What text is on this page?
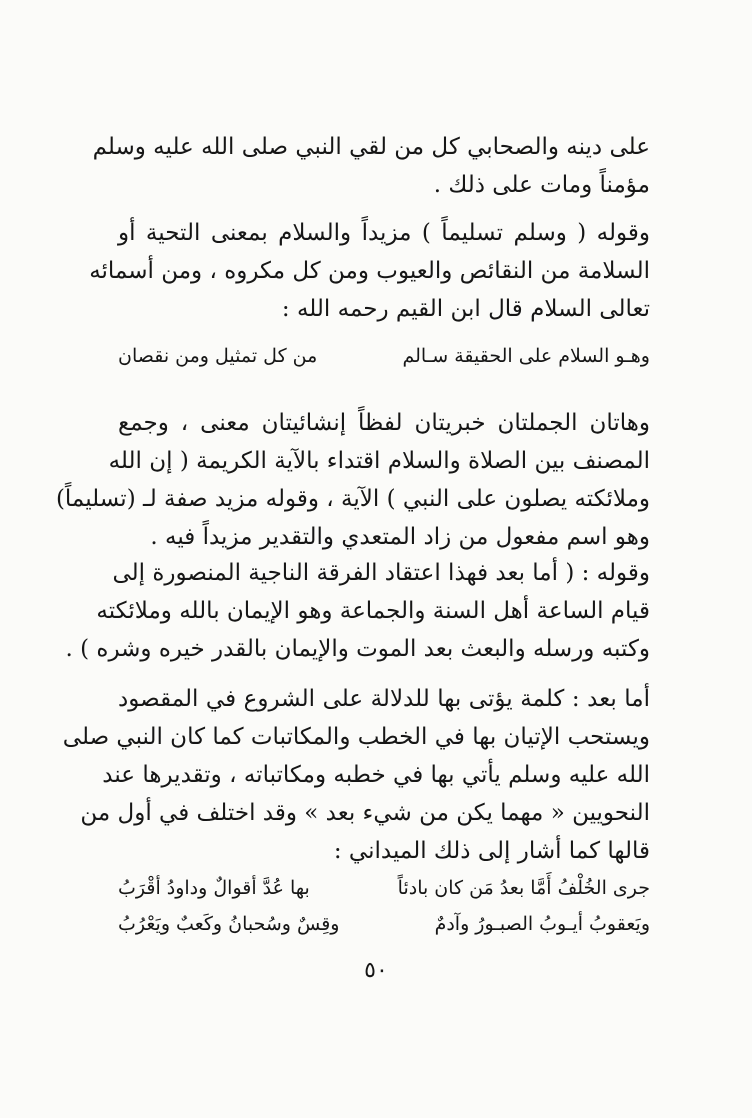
على دينه والصحابي كل من لقي النبي صلى الله عليه وسلم
مؤمناً ومات على ذلك .
وقوله ( وسلم تسليماً ) مزيداً والسلام بمعنى التحية أو
السلامة من النقائص والعيوب ومن كل مكروه ، ومن أسمائه
تعالى السلام قال ابن القيم رحمه الله :
وهـو السلام على الحقيقة سـالم
من كل تمثيل ومن نقصان
وهاتان الجملتان خبريتان لفظاً إنشائيتان معنى ، وجمع
المصنف بين الصلاة والسلام اقتداء بالآية الكريمة ( إن الله
وملائكته يصلون على النبي ) الآية ، وقوله مزيد صفة لـ (تسليماً)
وهو اسم مفعول من زاد المتعدي والتقدير مزيداً فيه .
وقوله : ( أما بعد فهذا اعتقاد الفرقة الناجية المنصورة إلى
قيام الساعة أهل السنة والجماعة وهو الإيمان بالله وملائكته
وكتبه ورسله والبعث بعد الموت والإيمان بالقدر خيره وشره ) .
أما بعد : كلمة يؤتى بها للدلالة على الشروع في المقصود
ويستحب الإتيان بها في الخطب والمكاتبات كما كان النبي صلى
الله عليه وسلم يأتي بها في خطبه ومكاتباته ، وتقديرها عند
النحويين « مهما يكن من شيء بعد » وقد اختلف في أول من
قالها كما أشار إلى ذلك الميداني :
جرى الخُلْفُ أَمَّا بعدُ مَن كان بادئاً
بها عُدَّ أقوالٌ وداودُ أقْرَبُ
ويَعقوبُ أيـوبُ الصبـورُ وآدمٌ
وقِسٌ وسُحبانُ وكَعبٌ ويَعْرُبُ
٥٠
